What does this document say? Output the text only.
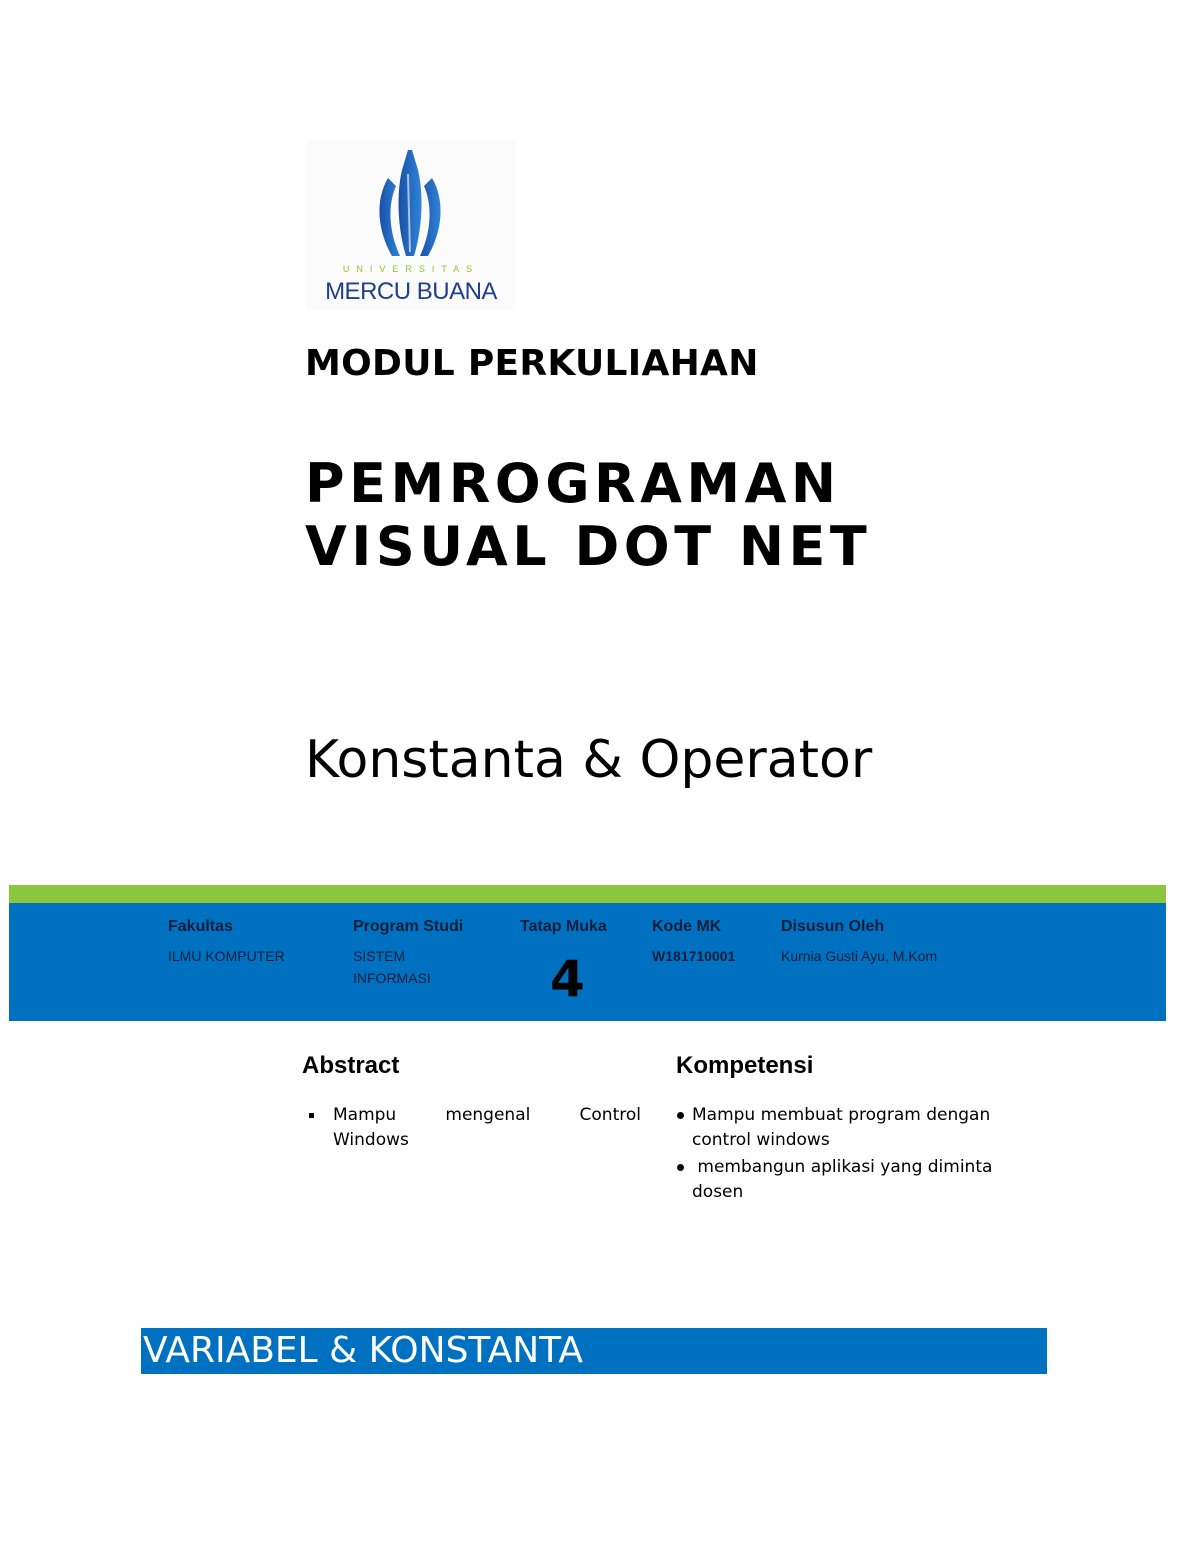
UNIVERSITAS
MERCU BUANA
MODUL PERKULIAHAN
PEMROGRAMAN
VISUAL DOT NET
Konstanta & Operator
Fakultas
ILMU KOMPUTER
Program Studi
SISTEM
INFORMASI
Tatap Muka
4
Kode MK
W181710001
Disusun Oleh
Kurnia Gusti Ayu, M.Kom
Abstract
Mampu	mengenal	Control
Windows
Kompetensi
Mampu membuat program dengan
control windows
membangun aplikasi yang diminta
dosen
VARIABEL & KONSTANTA
